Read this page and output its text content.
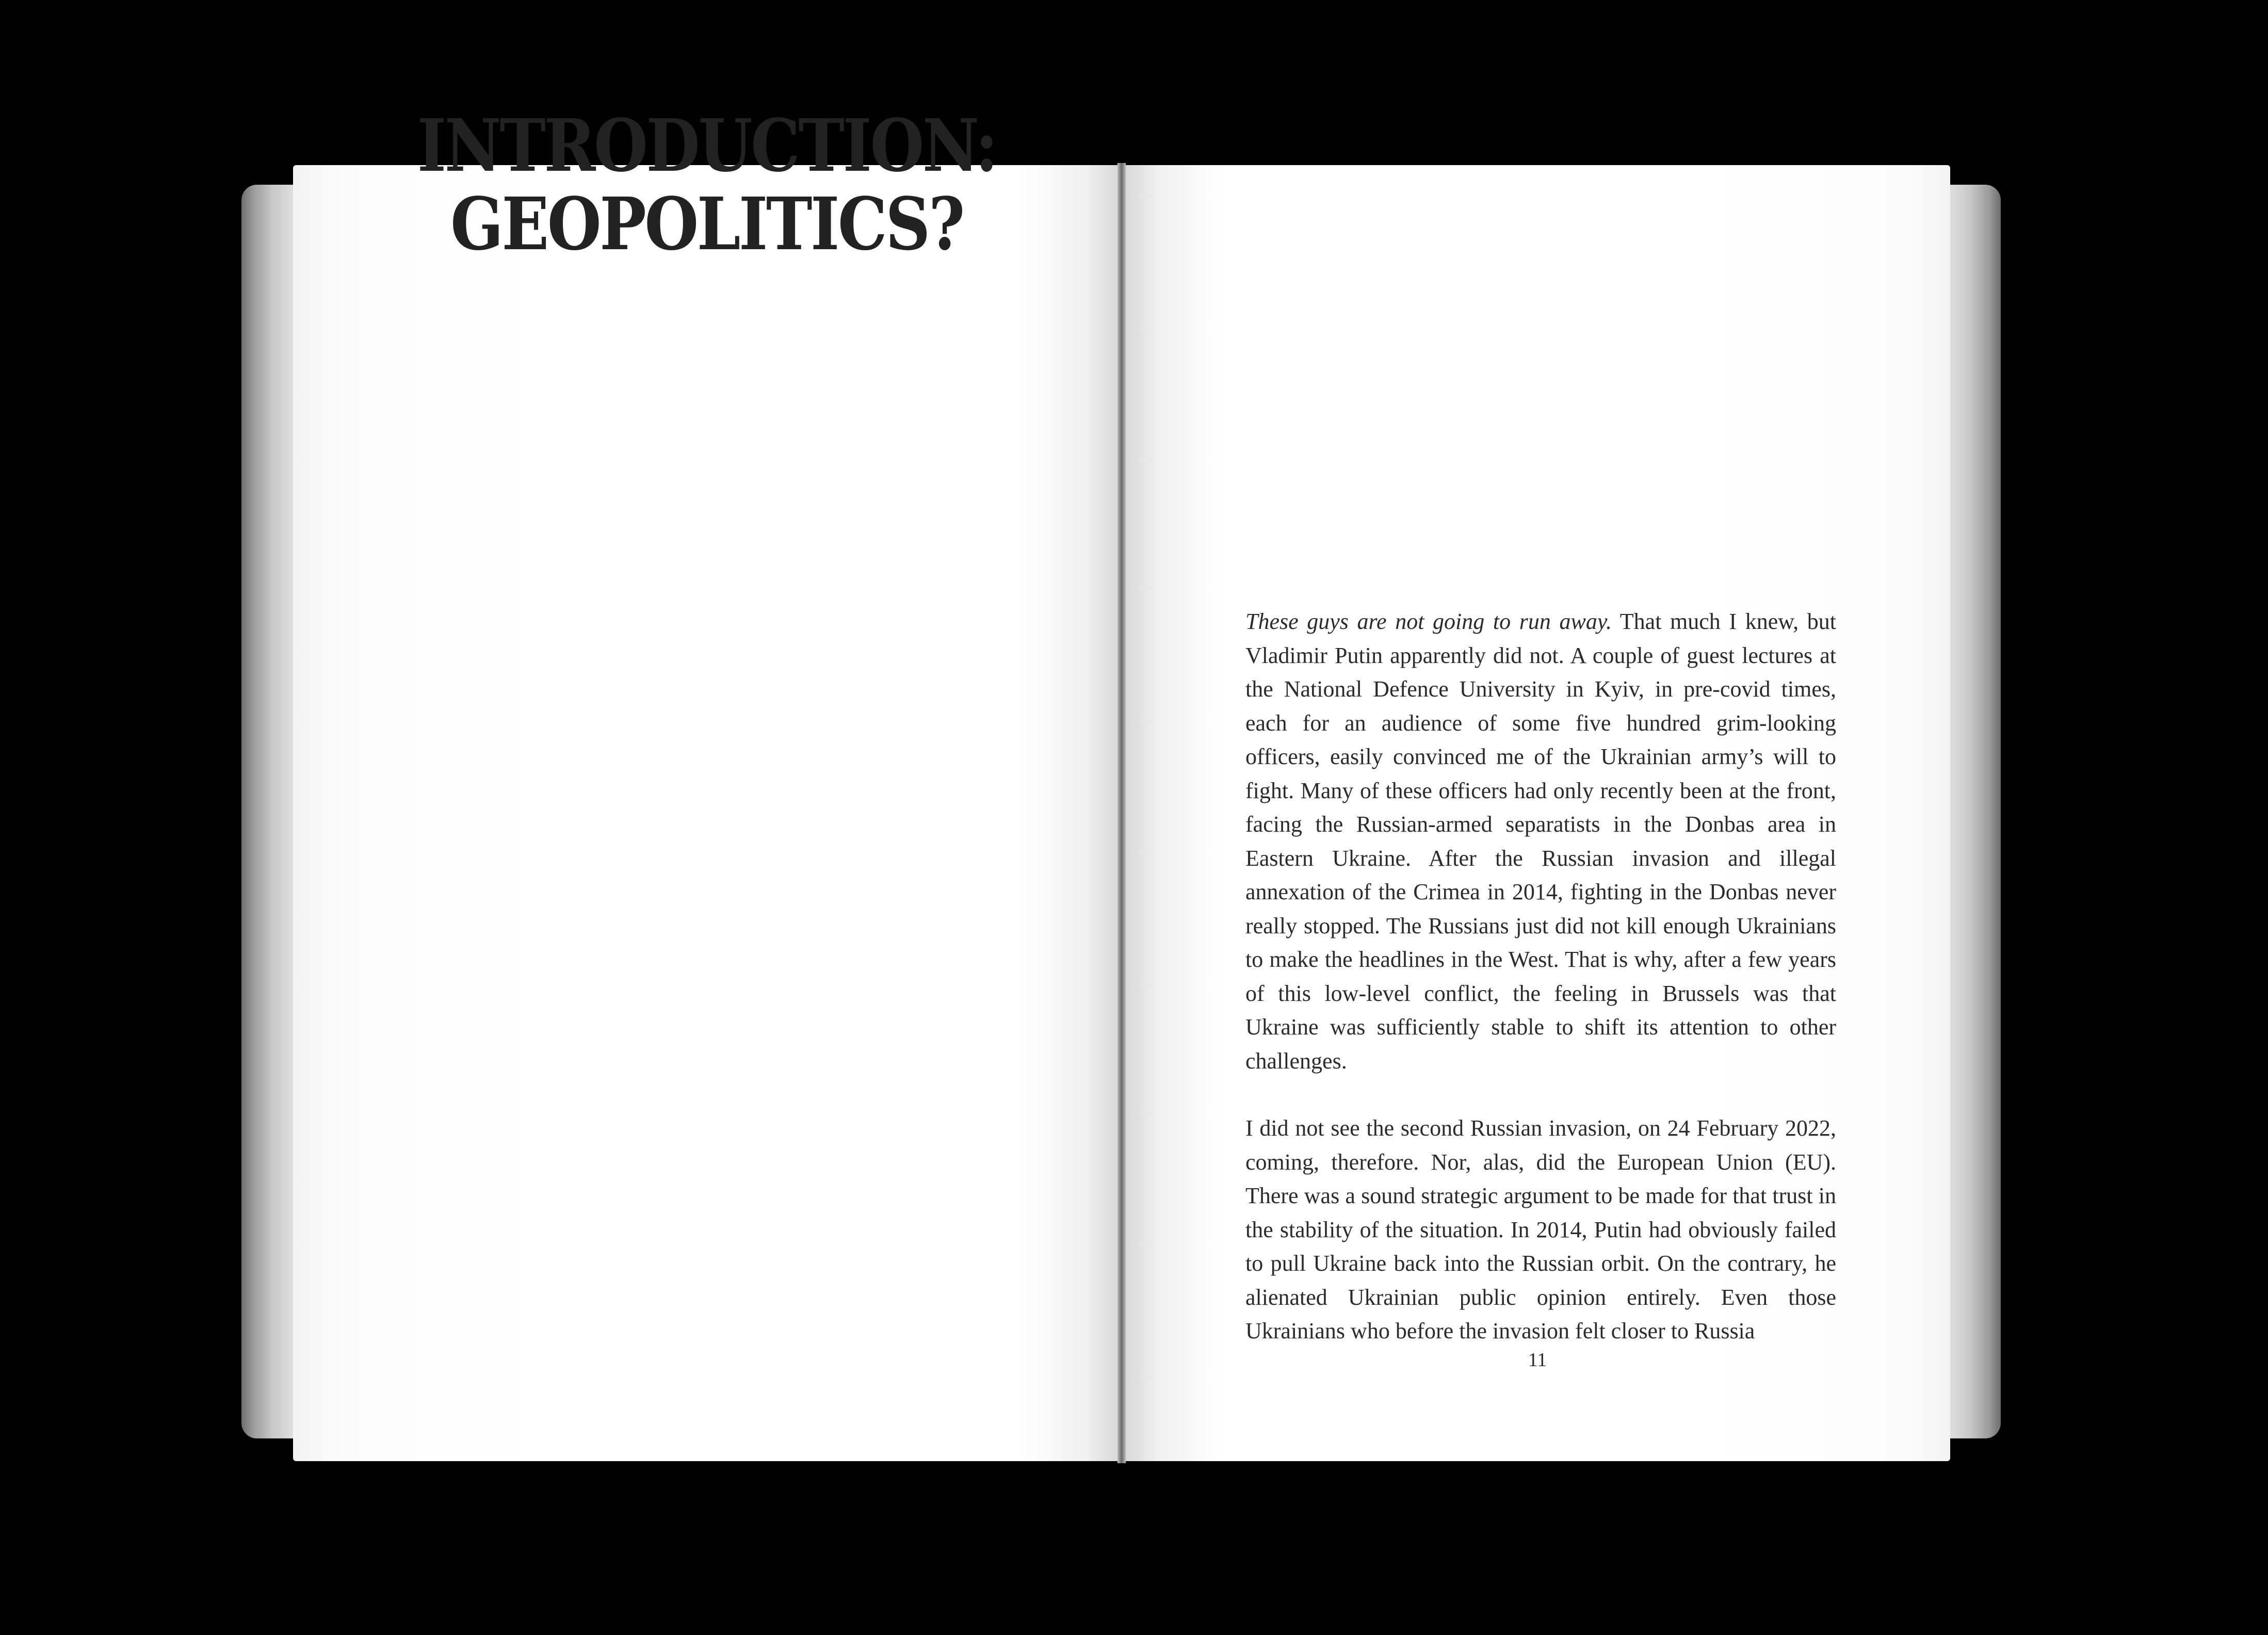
INTRODUCTION:
GEOPOLITICS?

These guys are not going to run away. That much I knew, but Vladimir Putin apparently did not. A couple of guest lectures at the National Defence University in Kyiv, in pre-covid times, each for an audience of some five hundred grim-looking officers, easily convinced me of the Ukrainian army’s will to fight. Many of these officers had only recently been at the front, facing the Russian-armed separatists in the Donbas area in Eastern Ukraine. After the Russian invasion and illegal annexation of the Crimea in 2014, fighting in the Donbas never really stopped. The Russians just did not kill enough Ukrainians to make the headlines in the West. That is why, after a few years of this low-level conflict, the feeling in Brussels was that Ukraine was sufficiently stable to shift its attention to other challenges.

I did not see the second Russian invasion, on 24 February 2022, coming, therefore. Nor, alas, did the European Union (EU). There was a sound strategic argument to be made for that trust in the stability of the situation. In 2014, Putin had obviously failed to pull Ukraine back into the Russian orbit. On the contrary, he alienated Ukrainian public opinion entirely. Even those Ukrainians who before the invasion felt closer to Russia

11
